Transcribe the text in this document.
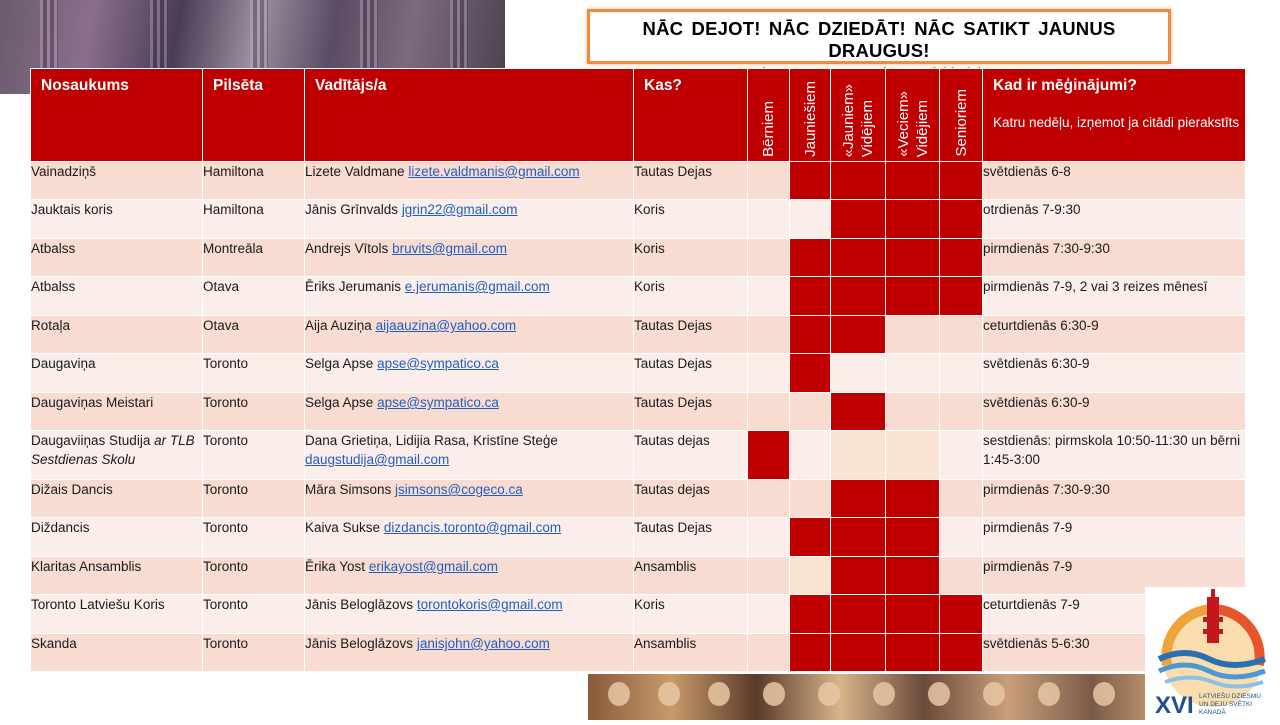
NĀC DEJOT! NĀC DZIEDĀT! NĀC SATIKT JAUNUS DRAUGUS!
Nosaukums	Pilsēta	Vadītājs/a	Kas?	Bērniem	Jauniešiem	«Jauniem» Vidējiem	«Veciem» Vidējiem	Senioriem	Kad ir mēģinājumi?
Katru nedēļu, izņemot ja citādi pierakstīts

Vainadziņš	Hamiltona	Lizete Valdmane lizete.valdmanis@gmail.com	Tautas Dejas						svētdienās 6-8
Jauktais koris	Hamiltona	Jānis Grīnvalds jgrin22@gmail.com	Koris						otrdienās 7-9:30
Atbalss	Montreāla	Andrejs Vītols bruvits@gmail.com	Koris						pirmdienās 7:30-9:30
Atbalss	Otava	Ēriks Jerumanis e.jerumanis@gmail.com	Koris						pirmdienās 7-9, 2 vai 3 reizes mēnesī
Rotaļa	Otava	Aija Auziņa aijaauzina@yahoo.com	Tautas Dejas						ceturtdienās 6:30-9
Daugaviņa	Toronto	Selga Apse apse@sympatico.ca	Tautas Dejas						svētdienās 6:30-9
Daugaviņas Meistari	Toronto	Selga Apse apse@sympatico.ca	Tautas Dejas						svētdienās 6:30-9
Daugaviiņas Studija ar TLB Sestdienas Skolu	Toronto	Dana Grietiņa, Lidijia Rasa, Kristīne Steģe
daugstudija@gmail.com	Tautas dejas						sestdienās: pirmskola 10:50-11:30 un bērni 1:45-3:00
Dižais Dancis	Toronto	Māra Simsons jsimsons@cogeco.ca	Tautas dejas						pirmdienās 7:30-9:30
Diždancis	Toronto	Kaiva Sukse dizdancis.toronto@gmail.com	Tautas Dejas						pirmdienās 7-9
Klaritas Ansamblis	Toronto	Ērika Yost erikayost@gmail.com	Ansamblis						pirmdienās 7-9
Toronto Latviešu Koris	Toronto	Jānis Beloglāzovs torontokoris@gmail.com	Koris						ceturtdienās 7-9
Skanda	Toronto	Jānis Beloglāzovs janisjohn@yahoo.com	Ansamblis						svētdienās 5-6:30
XVI LATVIEŠU DZIESMU
UN DEJU SVĒTKI
KANADĀ
